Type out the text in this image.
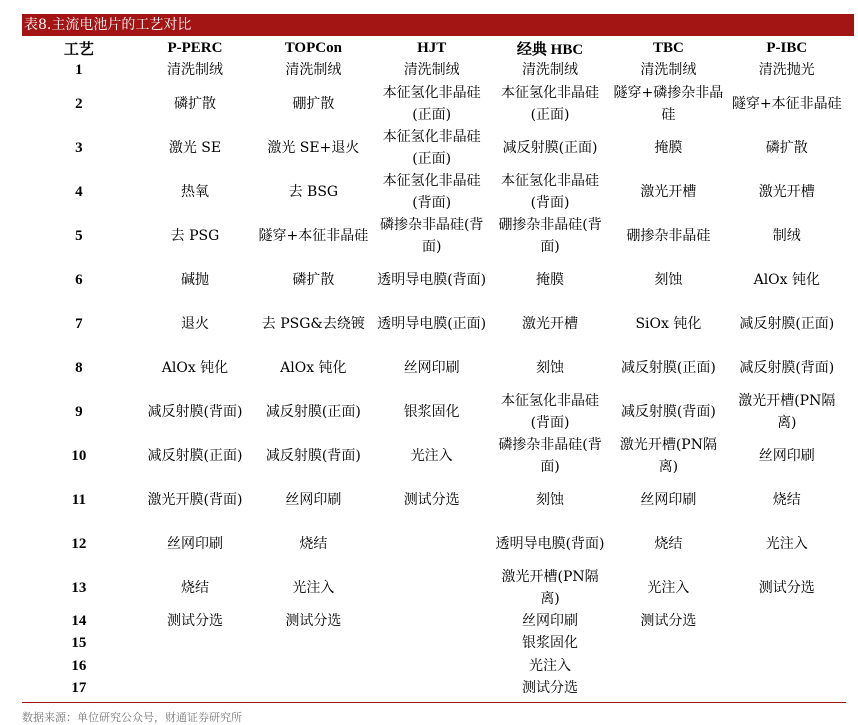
表8.主流电池片的工艺对比
工艺	P-PERC	TOPCon	HJT	经典 HBC	TBC	P-IBC
1	清洗制绒	清洗制绒	清洗制绒	清洗制绒	清洗制绒	清洗抛光
2	磷扩散	硼扩散	本征氢化非晶硅(正面)	本征氢化非晶硅(正面)	隧穿+磷掺杂非晶硅	隧穿+本征非晶硅
3	激光 SE	激光 SE+退火	本征氢化非晶硅(正面)	减反射膜(正面)	掩膜	磷扩散
4	热氧	去 BSG	本征氢化非晶硅(背面)	本征氢化非晶硅(背面)	激光开槽	激光开槽
5	去 PSG	隧穿+本征非晶硅	磷掺杂非晶硅(背面)	硼掺杂非晶硅(背面)	硼掺杂非晶硅	制绒
6	碱抛	磷扩散	透明导电膜(背面)	掩膜	刻蚀	AlOx 钝化
7	退火	去 PSG&去绕镀	透明导电膜(正面)	激光开槽	SiOx 钝化	减反射膜(正面)
8	AlOx 钝化	AlOx 钝化	丝网印刷	刻蚀	减反射膜(正面)	减反射膜(背面)
9	减反射膜(背面)	减反射膜(正面)	银浆固化	本征氢化非晶硅(背面)	减反射膜(背面)	激光开槽(PN隔离)
10	减反射膜(正面)	减反射膜(背面)	光注入	磷掺杂非晶硅(背面)	激光开槽(PN隔离)	丝网印刷
11	激光开膜(背面)	丝网印刷	测试分选	刻蚀	丝网印刷	烧结
12	丝网印刷	烧结		透明导电膜(背面)	烧结	光注入
13	烧结	光注入		激光开槽(PN隔离)	光注入	测试分选
14	测试分选	测试分选		丝网印刷	测试分选	
15				银浆固化		
16				光注入		
17				测试分选		
数据来源：单位研究公众号，财通证券研究所
